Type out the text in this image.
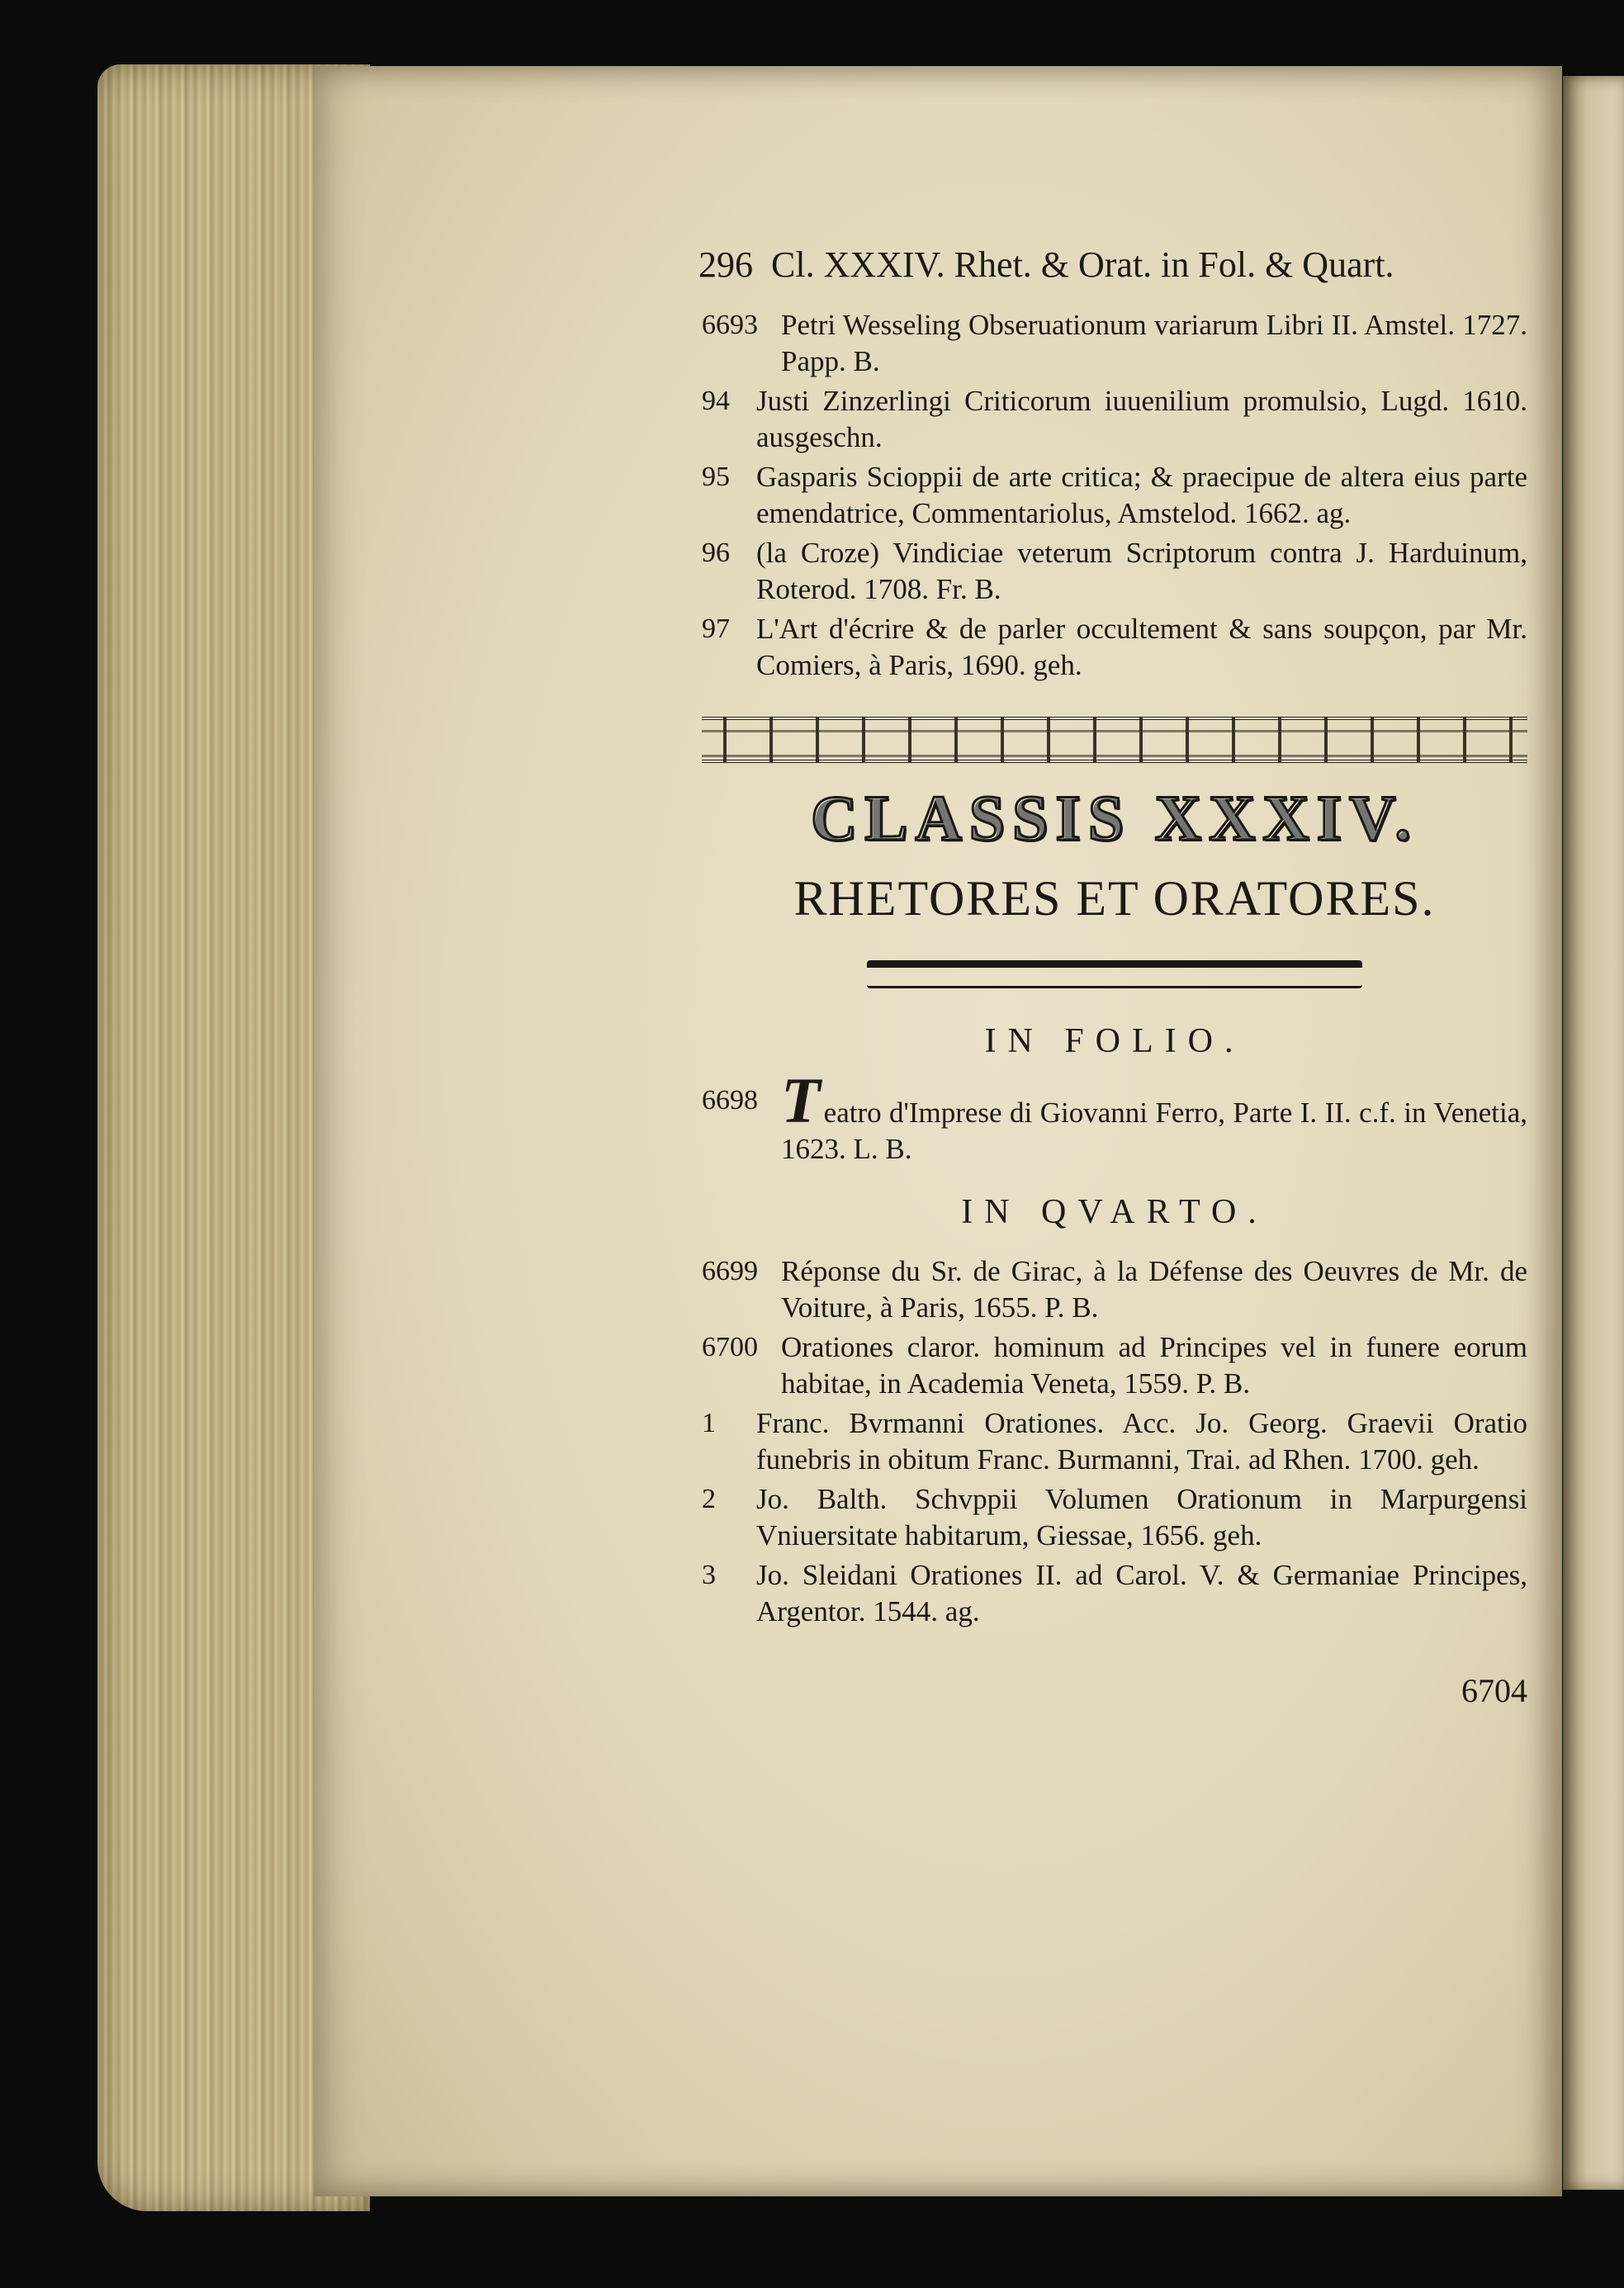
296 Cl. XXXIV. Rhet. & Orat. in Fol. & Quart.
6693 Petri Wesseling Obseruationum variarum Libri II. Amstel. 1727. Papp. B.
94 Justi Zinzerlingi Criticorum iuuenilium promulsio, Lugd. 1610. ausgeschn.
95 Gasparis Scioppii de arte critica; & praecipue de altera eius parte emendatrice, Commentariolus, Amstelod. 1662. ag.
96 (la Croze) Vindiciae veterum Scriptorum contra J. Harduinum, Roterod. 1708. Fr. B.
97 L'Art d'écrire & de parler occultement & sans soupçon, par Mr. Comiers, à Paris, 1690. geh.
CLASSIS XXXIV.
RHETORES ET ORATORES.
IN FOLIO.
6698 Teatro d'Imprese di Giovanni Ferro, Parte I. II. c.f. in Venetia, 1623. L. B.
IN QVARTO.
6699 Réponse du Sr. de Girac, à la Défense des Oeuvres de Mr. de Voiture, à Paris, 1655. P. B.
6700 Orationes claror. hominum ad Principes vel in funere eorum habitae, in Academia Veneta, 1559. P. B.
1	Franc. Bvrmanni Orationes. Acc. Jo. Georg. Graevii Oratio funebris in obitum Franc. Burmanni, Trai. ad Rhen. 1700. geh.
2	Jo. Balth. Schvppii Volumen Orationum in Marpurgensi Vniuersitate habitarum, Giessae, 1656. geh.
3	Jo. Sleidani Orationes II. ad Carol. V. & Germaniae Principes, Argentor. 1544. ag.
6704
